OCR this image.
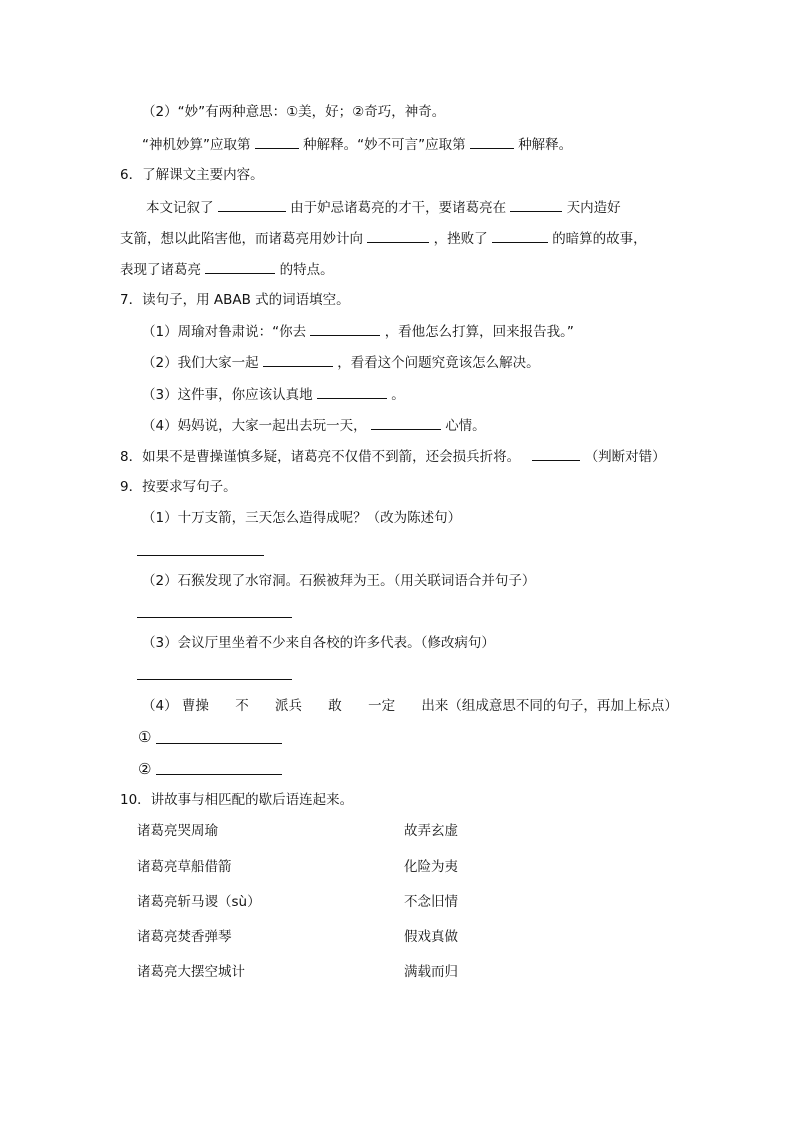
（2）“妙”有两种意思：①美，好；②奇巧，神奇。
“神机妙算”应取第	种解释。“妙不可言”应取第	种解释。
6．了解课文主要内容。
本文记叙了	由于妒忌诸葛亮的才干，要诸葛亮在	天内造好
支箭，想以此陷害他，而诸葛亮用妙计向	，挫败了	的暗算的故事，
表现了诸葛亮	的特点。
7．读句子，用 ABAB 式的词语填空。
（1）周瑜对鲁肃说：“你去	，看他怎么打算，回来报告我。”
（2）我们大家一起	，看看这个问题究竟该怎么解决。
（3）这件事，你应该认真地	。
（4）妈妈说，大家一起出去玩一天，	心情。
8．如果不是曹操谨慎多疑，诸葛亮不仅借不到箭，还会损兵折将。	（判断对错）
9．按要求写句子。
（1）十万支箭，三天怎么造得成呢？（改为陈述句）
（2）石猴发现了水帘洞。石猴被拜为王。（用关联词语合并句子）
（3）会议厅里坐着不少来自各校的许多代表。（修改病句）
（4） 曹操 不 派兵 敢 一定 出来（组成意思不同的句子，再加上标点）
①
②
10．讲故事与相匹配的歇后语连起来。
诸葛亮哭周瑜	故弄玄虚
诸葛亮草船借箭	化险为夷
诸葛亮斩马谡（sù）	不念旧情
诸葛亮焚香弹琴	假戏真做
诸葛亮大摆空城计	满载而归
